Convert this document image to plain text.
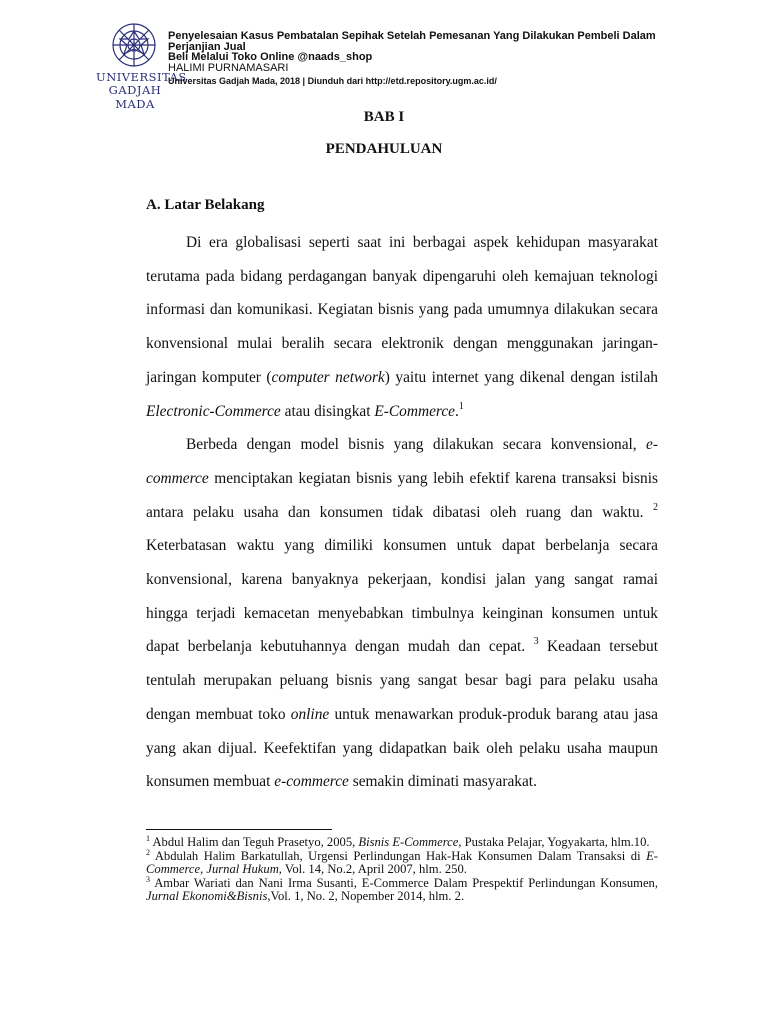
UNIVERSITAS
GADJAH MADA
Penyelesaian Kasus Pembatalan Sepihak Setelah Pemesanan Yang Dilakukan Pembeli Dalam
Perjanjian Jual
Beli Melalui Toko Online @naads_shop
HALIMI PURNAMASARI
Universitas Gadjah Mada, 2018 | Diunduh dari http://etd.repository.ugm.ac.id/
BAB I
PENDAHULUAN
A. Latar Belakang

Di era globalisasi seperti saat ini berbagai aspek kehidupan masyarakat terutama pada bidang perdagangan banyak dipengaruhi oleh kemajuan teknologi informasi dan komunikasi. Kegiatan bisnis yang pada umumnya dilakukan secara konvensional mulai beralih secara elektronik dengan menggunakan jaringan-jaringan komputer (computer network) yaitu internet yang dikenal dengan istilah Electronic-Commerce atau disingkat E-Commerce.$^1$

Berbeda dengan model bisnis yang dilakukan secara konvensional, e-commerce menciptakan kegiatan bisnis yang lebih efektif karena transaksi bisnis antara pelaku usaha dan konsumen tidak dibatasi oleh ruang dan waktu. $^2$ Keterbatasan waktu yang dimiliki konsumen untuk dapat berbelanja secara konvensional, karena banyaknya pekerjaan, kondisi jalan yang sangat ramai hingga terjadi kemacetan menyebabkan timbulnya keinginan konsumen untuk dapat berbelanja kebutuhannya dengan mudah dan cepat. $^3$ Keadaan tersebut tentulah merupakan peluang bisnis yang sangat besar bagi para pelaku usaha dengan membuat toko online untuk menawarkan produk-produk barang atau jasa yang akan dijual. Keefektifan yang didapatkan baik oleh pelaku usaha maupun konsumen membuat e-commerce semakin diminati masyarakat.

$^1$ Abdul Halim dan Teguh Prasetyo, 2005, Bisnis E-Commerce, Pustaka Pelajar, Yogyakarta, hlm.10.

$^2$ Abdulah Halim Barkatullah, Urgensi Perlindungan Hak-Hak Konsumen Dalam Transaksi di E-Commerce, Jurnal Hukum, Vol. 14, No.2, April 2007, hlm. 250.

$^3$ Ambar Wariati dan Nani Irma Susanti, E-Commerce Dalam Prespektif Perlindungan Konsumen, Jurnal Ekonomi&Bisnis,Vol. 1, No. 2, Nopember 2014, hlm. 2.
